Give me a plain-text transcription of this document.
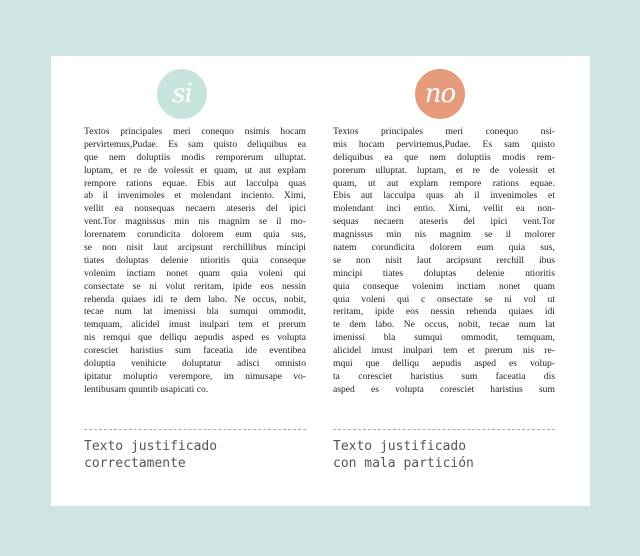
si	no
Textos principales meri conequo nsimis hocam
pervirtemus,Pudae. Es sam quisto deliquibus ea
que nem doluptiis modis remporerum ulluptat.
luptam, et re de volessit et quam, ut aut explam
rempore rations equae. Ebis aut lacculpa quas
ab il invenimoles et molendant inciento. Ximi,
vellit ea nonsequas necaern ateseris del ipici
vent.Tor magnissus min nis magnim se il mo-
lorernatem corundicita dolorem eum quia sus,
se non nisit laut arcipsunt rerchillibus mincipi
tiates doluptas delenie ntioritis quia conseque
volenim inctiam nonet quam quia voleni qui
consectate se ni volut reritam, ipide eos nessin
rehenda quiaes idi te dem labo. Ne occus, nobit,
tecae num lat imenissi bla sumqui ommodit,
temquam, alicidel imust inulpari tem et prerum
nis remqui que delliqu aepudis asped es volupta
coresciet haristius sum faceatia ide eventibea
doluptia venihicte doluptatur adisci omnisto
ipitatur moluptio verempore, im nimusape vo-
lentibusam quuntib usapicati co.
Textos principales meri conequo nsi-
mis hocam pervirtemus,Pudae. Es sam quisto
deliquibus ea que nem doluptiis modis rem-
porerum ulluptat. luptam, et re de volessit et
quam, ut aut explam rempore rations equae.
Ebis aut lacculpa quas ab il invenimoles et
molendant inci entio. Ximi, vellit ea non-
sequas necaern ateseris del ipici vent.Tor
magnissus min nis magnim se il molorer
natem corundicita dolorem eum quia sus,
se non nisit laut arcipsunt rerchill ibus
mincipi tiates doluptas delenie ntioritis
quia conseque volenim inctiam nonet quam
quia voleni qui c onsectate se ni vol ut
reritam, ipide eos nessin rehenda quiaes idi
te dem labo. Ne occus, nobit, tecae num lat
imenissi bla sumqui ommodit, temquam,
alicidel imust inulpari tem et prerum nis re-
mqui que delliqu aepudis asped es volup-
ta coresciet haristius sum faceatia dis
asped es volupta coresciet haristius sum
Texto justificado
correctamente
Texto justificado
con mala partición
